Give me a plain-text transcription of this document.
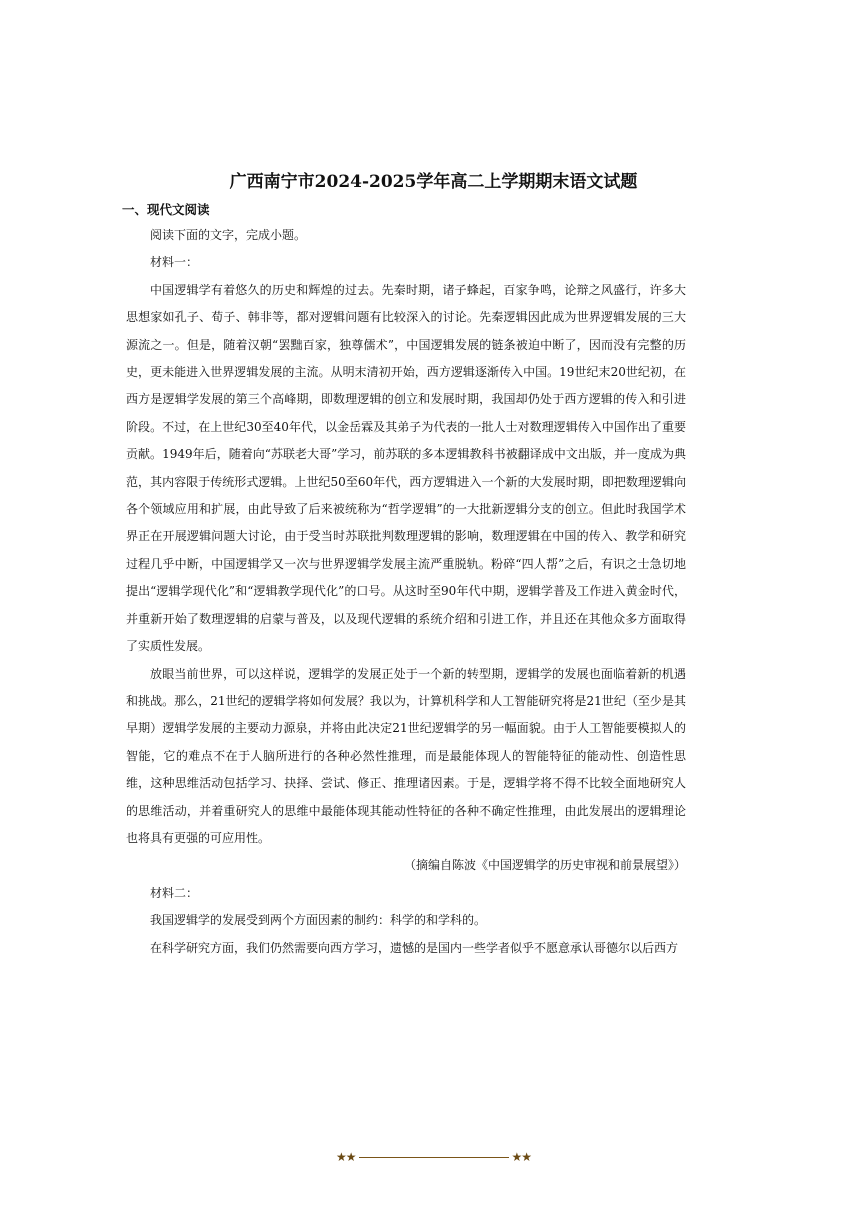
广西南宁市2024-2025学年高二上学期期末语文试题
一、现代文阅读

阅读下面的文字，完成小题。

材料一：

中国逻辑学有着悠久的历史和辉煌的过去。先秦时期，诸子蜂起，百家争鸣，论辩之风盛行，许多大思想家如孔子、荀子、韩非等，都对逻辑问题有比较深入的讨论。先秦逻辑因此成为世界逻辑发展的三大源流之一。但是，随着汉朝“罢黜百家，独尊儒术”，中国逻辑发展的链条被迫中断了，因而没有完整的历史，更未能进入世界逻辑发展的主流。从明末清初开始，西方逻辑逐渐传入中国。19世纪末20世纪初，在西方是逻辑学发展的第三个高峰期，即数理逻辑的创立和发展时期，我国却仍处于西方逻辑的传入和引进阶段。不过，在上世纪30至40年代，以金岳霖及其弟子为代表的一批人士对数理逻辑传入中国作出了重要贡献。1949年后，随着向“苏联老大哥”学习，前苏联的多本逻辑教科书被翻译成中文出版，并一度成为典范，其内容限于传统形式逻辑。上世纪50至60年代，西方逻辑进入一个新的大发展时期，即把数理逻辑向各个领域应用和扩展，由此导致了后来被统称为“哲学逻辑”的一大批新逻辑分支的创立。但此时我国学术界正在开展逻辑问题大讨论，由于受当时苏联批判数理逻辑的影响，数理逻辑在中国的传入、教学和研究过程几乎中断，中国逻辑学又一次与世界逻辑学发展主流严重脱轨。粉碎“四人帮”之后，有识之士急切地提出“逻辑学现代化”和“逻辑教学现代化”的口号。从这时至90年代中期，逻辑学普及工作进入黄金时代，并重新开始了数理逻辑的启蒙与普及，以及现代逻辑的系统介绍和引进工作，并且还在其他众多方面取得了实质性发展。

放眼当前世界，可以这样说，逻辑学的发展正处于一个新的转型期，逻辑学的发展也面临着新的机遇和挑战。那么，21世纪的逻辑学将如何发展？我以为，计算机科学和人工智能研究将是21世纪（至少是其早期）逻辑学发展的主要动力源泉，并将由此决定21世纪逻辑学的另一幅面貌。由于人工智能要模拟人的智能，它的难点不在于人脑所进行的各种必然性推理，而是最能体现人的智能特征的能动性、创造性思维，这种思维活动包括学习、抉择、尝试、修正、推理诸因素。于是，逻辑学将不得不比较全面地研究人的思维活动，并着重研究人的思维中最能体现其能动性特征的各种不确定性推理，由此发展出的逻辑理论也将具有更强的可应用性。

（摘编自陈波《中国逻辑学的历史审视和前景展望》）

材料二：

我国逻辑学的发展受到两个方面因素的制约：科学的和学科的。

在科学研究方面，我们仍然需要向西方学习，遗憾的是国内一些学者似乎不愿意承认哥德尔以后西方

★★	★★
